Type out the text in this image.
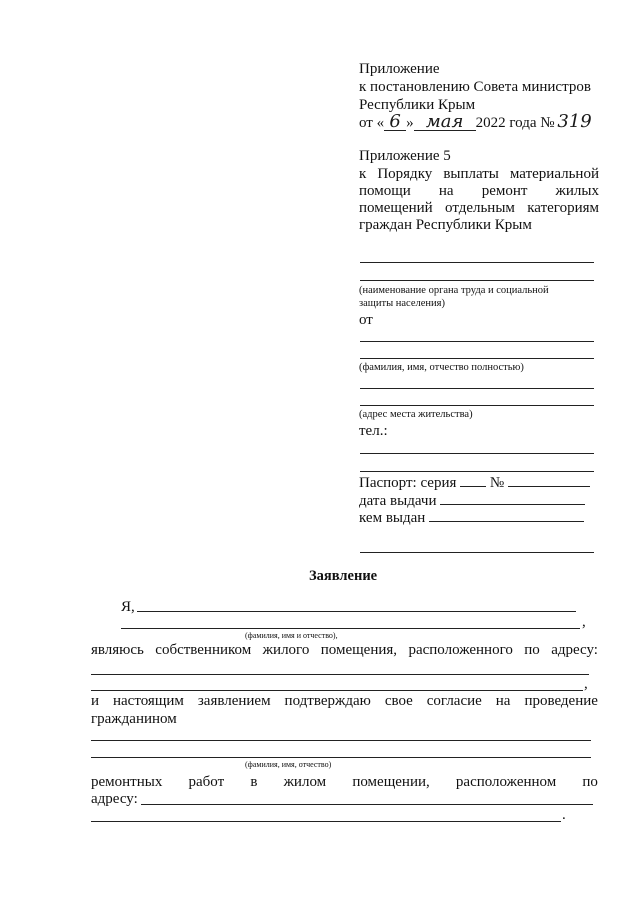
Приложение
к постановлению Совета министров
Республики Крым
от « 6 » мая 2022 года № 319
Приложение 5
к Порядку выплаты материальной
помощи на ремонт жилых
помещений отдельным категориям
граждан Республики Крым
(наименование органа труда и социальной
защиты населения)
от
(фамилия, имя, отчество полностью)
(адрес места жительства)
тел.:
Паспорт: серия №
дата выдачи
кем выдан
Заявление
Я,
,
(фамилия, имя и отчество),
являюсь собственником жилого помещения, расположенного по адресу:
,
и настоящим заявлением подтверждаю свое согласие на проведение
гражданином
(фамилия, имя, отчество)
ремонтных работ в жилом помещении, расположенном по
адресу:
.
